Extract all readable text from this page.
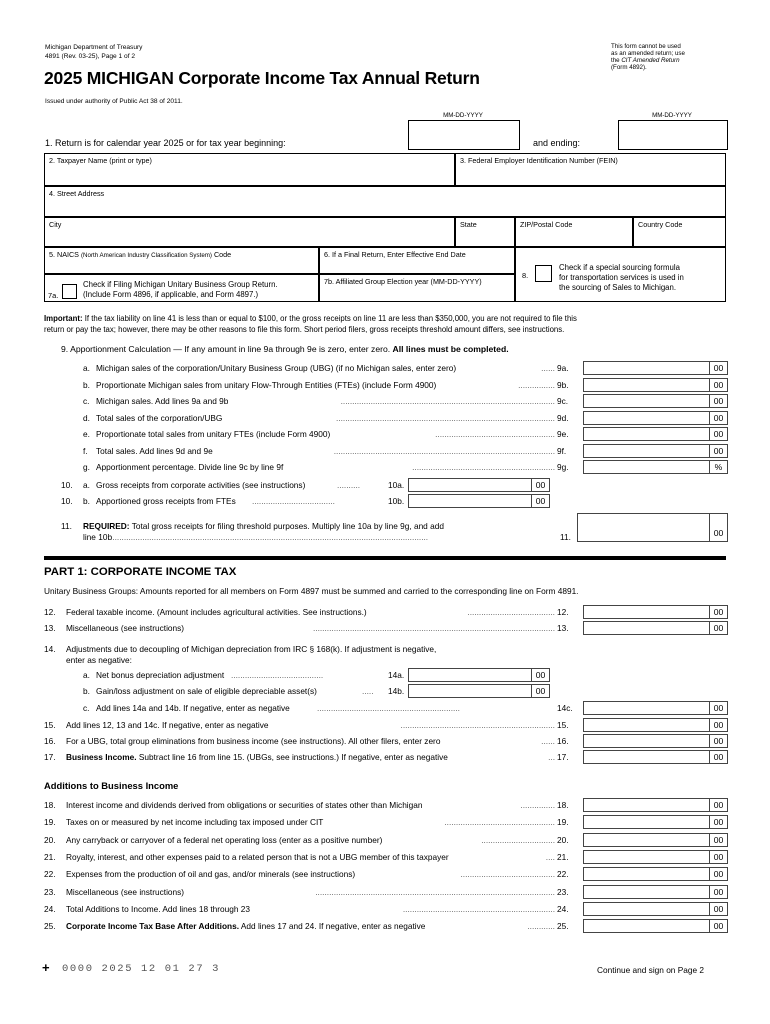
Michigan Department of Treasury
4891 (Rev. 03-25), Page 1 of 2
2025 MICHIGAN Corporate Income Tax Annual Return
Issued under authority of Public Act 38 of 2011.
This form cannot be used
as an amended return; use
the CIT Amended Return
(Form 4892).
MM-DD-YYYY	MM-DD-YYYY
1. Return is for calendar year 2025 or for tax year beginning:	and ending:
2. Taxpayer Name (print or type)	3. Federal Employer Identification Number (FEIN)
4. Street Address
City	State	ZIP/Postal Code	Country Code
5. NAICS (North American Industry Classification System) Code	6. If a Final Return, Enter Effective End Date
8.
Check if a special sourcing formula
for transportation services is used in
the sourcing of Sales to Michigan.
7a.
Check if Filing Michigan Unitary Business Group Return.
(Include Form 4896, if applicable, and Form 4897.)
7b. Affiliated Group Election year (MM-DD-YYYY)
Important: If the tax liability on line 41 is less than or equal to $100, or the gross receipts on line 11 are less than $350,000, you are not required to file this
return or pay the tax; however, there may be other reasons to file this form. Short period filers, gross receipts threshold amount differs, see instructions.
9. Apportionment Calculation — If any amount in line 9a through 9e is zero, enter zero. All lines must be completed.
a. Michigan sales of the corporation/Unitary Business Group (UBG) (if no Michigan sales, enter zero)	...... 9a.	00
b. Proportionate Michigan sales from unitary Flow-Through Entities (FTEs) (include Form 4900)	................ 9b.	00
c. Michigan sales. Add lines 9a and 9b	............................................................................................. 9c.	00
d. Total sales of the corporation/UBG	............................................................................................... 9d.	00
e. Proportionate total sales from unitary FTEs (include Form 4900)	.................................................... 9e.	00
f. Total sales. Add lines 9d and 9e	................................................................................................ 9f.	00
g. Apportionment percentage. Divide line 9c by line 9f	.............................................................. 9g.	%
10. a. Gross receipts from corporate activities (see instructions)	..........	10a.	00
10. b. Apportioned gross receipts from FTEs ....................................	10b.	00
11. REQUIRED: Total gross receipts for filing threshold purposes. Multiply line 10a by line 9g, and add
line 10b
..........................................................................................................................................	11.	00
PART 1: CORPORATE INCOME TAX
Unitary Business Groups: Amounts reported for all members on Form 4897 must be summed and carried to the corresponding line on Form 4891.
12. Federal taxable income. (Amount includes agricultural activities. See instructions.)	...................................... 12.	00
13. Miscellaneous (see instructions)	......................................................................................................... 13.	00
14. Adjustments due to decoupling of Michigan depreciation from IRC § 168(k). If adjustment is negative,
enter as negative:
a. Net bonus depreciation adjustment ........................................	14a.	00
b. Gain/loss adjustment on sale of eligible depreciable asset(s)	.....	14b.	00
c. Add lines 14a and 14b. If negative, enter as negative	..............................................................	14c.	00
15. Add lines 12, 13 and 14c. If negative, enter as negative	................................................................... 15.	00
16. For a UBG, total group eliminations from business income (see instructions). All other filers, enter zero	...... 16.	00
17. Business Income. Subtract line 16 from line 15. (UBGs, see instructions.) If negative, enter as negative	... 17.	00
Additions to Business Income
18. Interest income and dividends derived from obligations or securities of states other than Michigan	............... 18.	00
19. Taxes on or measured by net income including tax imposed under CIT	................................................ 19.	00
20. Any carryback or carryover of a federal net operating loss (enter as a positive number)	................................ 20.	00
21. Royalty, interest, and other expenses paid to a related person that is not a UBG member of this taxpayer	.... 21.	00
22. Expenses from the production of oil and gas, and/or minerals (see instructions)	......................................... 22.	00
23. Miscellaneous (see instructions)	........................................................................................................ 23.	00
24. Total Additions to Income. Add lines 18 through 23	.................................................................. 24.	00
25. Corporate Income Tax Base After Additions. Add lines 17 and 24. If negative, enter as negative	............ 25.	00
+ 0000 2025 12 01 27 3	Continue and sign on Page 2
